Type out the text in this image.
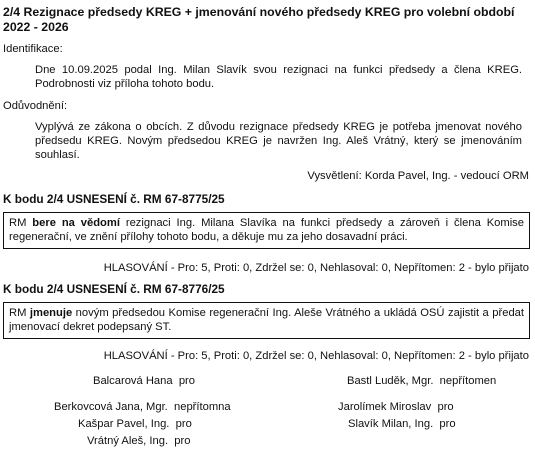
2/4 Rezignace předsedy KREG + jmenování nového předsedy KREG pro volební období 2022 - 2026
Identifikace:
Dne 10.09.2025 podal Ing. Milan Slavík svou rezignaci na funkci předsedy a člena KREG. Podrobnosti viz příloha tohoto bodu.
Odůvodnění:
Vyplývá ze zákona o obcích. Z důvodu rezignace předsedy KREG je potřeba jmenovat nového předsedu KREG. Novým předsedou KREG je navržen Ing. Aleš Vrátný, který se jmenováním souhlasí.
Vysvětlení: Korda Pavel, Ing. - vedoucí ORM
K bodu 2/4 USNESENÍ č. RM 67-8775/25
RM bere na vědomí rezignaci Ing. Milana Slavíka na funkci předsedy a zároveň i člena Komise regenerační, ve znění přílohy tohoto bodu, a děkuje mu za jeho dosavadní práci.
HLASOVÁNÍ - Pro: 5, Proti: 0, Zdržel se: 0, Nehlasoval: 0, Nepřítomen: 2 - bylo přijato
K bodu 2/4 USNESENÍ č. RM 67-8776/25
RM jmenuje novým předsedou Komise regenerační Ing. Aleše Vrátného a ukládá OSÚ zajistit a předat jmenovací dekret podepsaný ST.
HLASOVÁNÍ - Pro: 5, Proti: 0, Zdržel se: 0, Nehlasoval: 0, Nepřítomen: 2 - bylo přijato
Balcarová Hana pro	Bastl Luděk, Mgr. nepřítomen
Berkovcová Jana, Mgr. nepřítomna	Jarolímek Miroslav pro
Kašpar Pavel, Ing. pro	Slavík Milan, Ing. pro
Vrátný Aleš, Ing. pro
